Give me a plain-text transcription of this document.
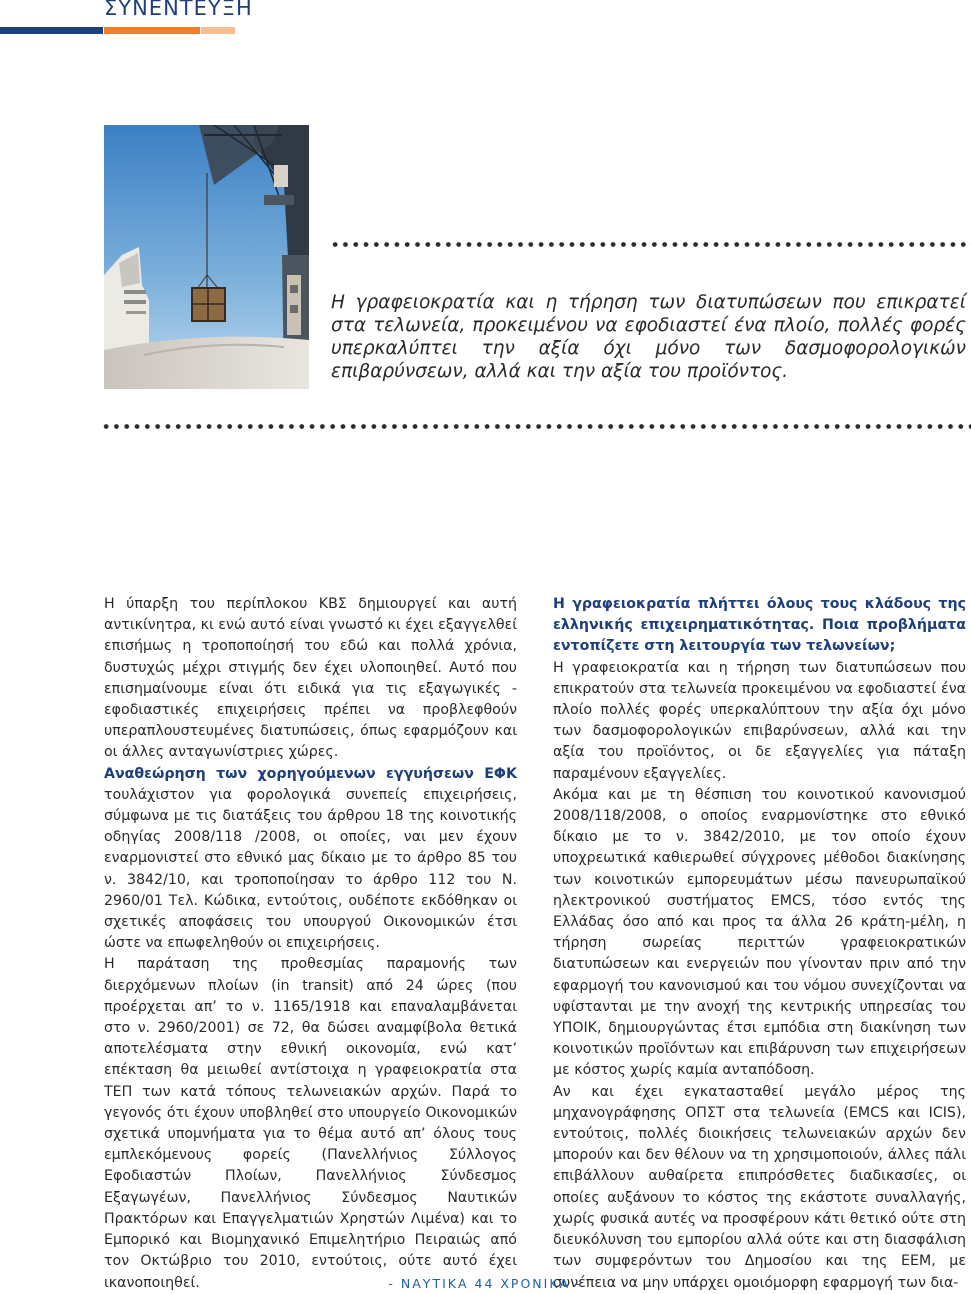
ΣΥΝΕΝΤΕΥΞΗ

Η γραφειοκρατία και η τήρηση των διατυπώσεων που επικρατεί στα τελωνεία, προκειμένου να εφοδιαστεί ένα πλοίο, πολλές φορές υπερκαλύπτει την αξία όχι μόνο των δασμοφορολογικών επιβαρύνσεων, αλλά και την αξία του προϊόντος.

Η ύπαρξη του περίπλοκου ΚΒΣ δημιουργεί και αυτή αντικίνητρα, κι ενώ αυτό είναι γνωστό κι έχει εξαγγελθεί επισήμως η τροποποίησή του εδώ και πολλά χρόνια, δυστυχώς μέχρι στιγμής δεν έχει υλοποιηθεί. Αυτό που επισημαίνουμε είναι ότι ειδικά για τις εξαγωγικές - εφοδιαστικές επιχειρήσεις πρέπει να προβλεφθούν υπεραπλουστευμένες διατυπώσεις, όπως εφαρμόζουν και οι άλλες ανταγωνίστριες χώρες.

Αναθεώρηση των χορηγούμενων εγγυήσεων ΕΦΚ τουλάχιστον για φορολογικά συνεπείς επιχειρήσεις, σύμφωνα με τις διατάξεις του άρθρου 18 της κοινοτικής οδηγίας 2008/118 /2008, οι οποίες, ναι μεν έχουν εναρμονιστεί στο εθνικό μας δίκαιο με το άρθρο 85 του ν. 3842/10, και τροποποίησαν το άρθρο 112 του Ν. 2960/01 Τελ. Κώδικα, εντούτοις, ουδέποτε εκδόθηκαν οι σχετικές αποφάσεις του υπουργού Οικονομικών έτσι ώστε να επωφεληθούν οι επιχειρήσεις.

Η παράταση της προθεσμίας παραμονής των διερχόμενων πλοίων (in transit) από 24 ώρες (που προέρχεται απ’ το ν. 1165/1918 και επαναλαμβάνεται στο ν. 2960/2001) σε 72, θα δώσει αναμφίβολα θετικά αποτελέσματα στην εθνική οικονομία, ενώ κατ’ επέκταση θα μειωθεί αντίστοιχα η γραφειοκρατία στα ΤΕΠ των κατά τόπους τελωνειακών αρχών. Παρά το γεγονός ότι έχουν υποβληθεί στο υπουργείο Οικονομικών σχετικά υπομνήματα για το θέμα αυτό απ’ όλους τους εμπλεκόμενους φορείς (Πανελλήνιος Σύλλογος Εφοδιαστών Πλοίων, Πανελλήνιος Σύνδεσμος Εξαγωγέων, Πανελλήνιος Σύνδεσμος Ναυτικών Πρακτόρων και Επαγγελματιών Χρηστών Λιμένα) και το Εμπορικό και Βιομηχανικό Επιμελητήριο Πειραιώς από τον Οκτώβριο του 2010, εντούτοις, ούτε αυτό έχει ικανοποιηθεί.

Η γραφειοκρατία πλήττει όλους τους κλάδους της ελληνικής επιχειρηματικότητας. Ποια προβλήματα εντοπίζετε στη λειτουργία των τελωνείων;

Η γραφειοκρατία και η τήρηση των διατυπώσεων που επικρατούν στα τελωνεία προκειμένου να εφοδιαστεί ένα πλοίο πολλές φορές υπερκαλύπτουν την αξία όχι μόνο των δασμοφορολογικών επιβαρύνσεων, αλλά και την αξία του προϊόντος, οι δε εξαγγελίες για πάταξη παραμένουν εξαγγελίες.

Ακόμα και με τη θέσπιση του κοινοτικού κανονισμού 2008/118/2008, ο οποίος εναρμονίστηκε στο εθνικό δίκαιο με το ν. 3842/2010, με τον οποίο έχουν υποχρεωτικά καθιερωθεί σύγχρονες μέθοδοι διακίνησης των κοινοτικών εμπορευμάτων μέσω πανευρωπαϊκού ηλεκτρονικού συστήματος EMCS, τόσο εντός της Ελλάδας όσο από και προς τα άλλα 26 κράτη-μέλη, η τήρηση σωρείας περιττών γραφειοκρατικών διατυπώσεων και ενεργειών που γίνονταν πριν από την εφαρμογή του κανονισμού και του νόμου συνεχίζονται να υφίστανται με την ανοχή της κεντρικής υπηρεσίας του ΥΠΟΙΚ, δημιουργώντας έτσι εμπόδια στη διακίνηση των κοινοτικών προϊόντων και επιβάρυνση των επιχειρήσεων με κόστος χωρίς καμία ανταπόδοση.

Αν και έχει εγκατασταθεί μεγάλο μέρος της μηχανογράφησης ΟΠΣΤ στα τελωνεία (EMCS και ICIS), εντούτοις, πολλές διοικήσεις τελωνειακών αρχών δεν μπορούν και δεν θέλουν να τη χρησιμοποιούν, άλλες πάλι επιβάλλουν αυθαίρετα επιπρόσθετες διαδικασίες, οι οποίες αυξάνουν το κόστος της εκάστοτε συναλλαγής, χωρίς φυσικά αυτές να προσφέρουν κάτι θετικό ούτε στη διευκόλυνση του εμπορίου αλλά ούτε και στη διασφάλιση των συμφερόντων του Δημοσίου και της ΕΕΜ, με συνέπεια να μην υπάρχει ομοιόμορφη εφαρμογή των δια-

- ΝΑΥΤΙΚΑ 44 ΧΡΟΝΙΚΑ -
